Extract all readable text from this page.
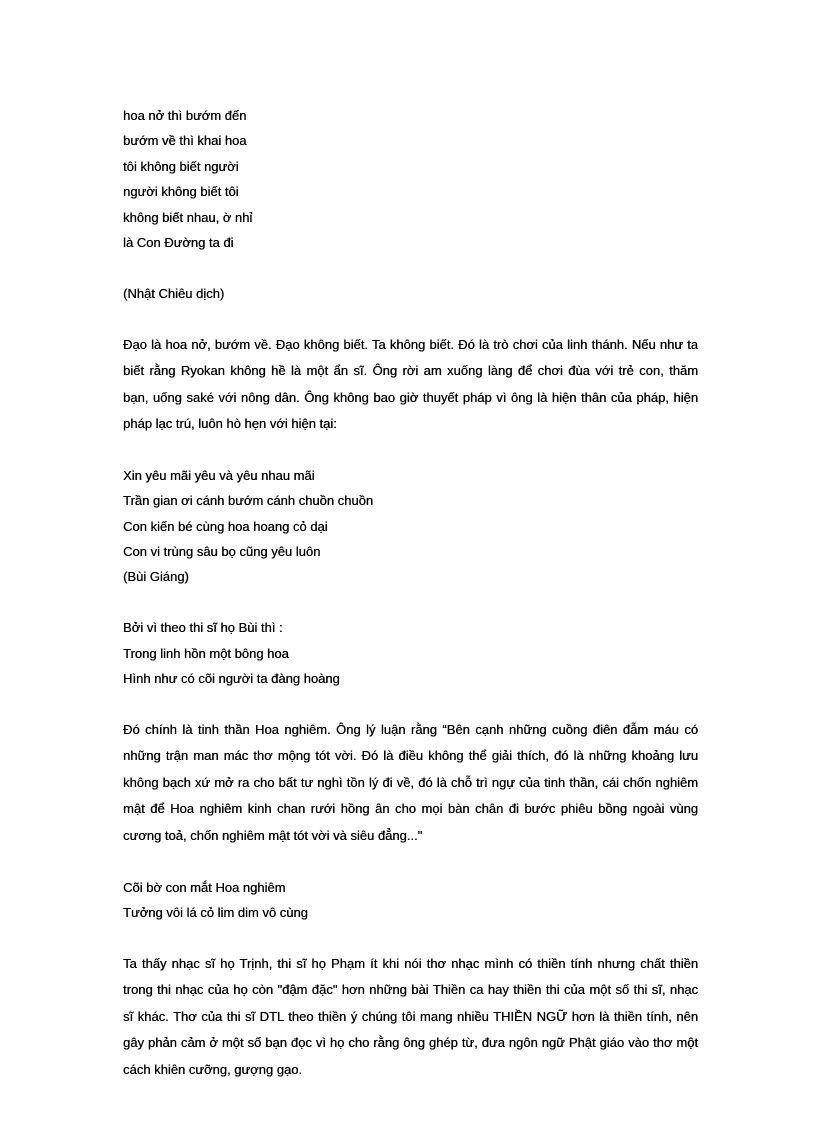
hoa nở thì bướm đến
bướm về thì khai hoa
tôi không biết người
người không biết tôi
không biết nhau, ờ nhỉ
là Con Đường ta đi
(Nhật Chiêu dịch)
Đạo là hoa nở, bướm về. Đạo không biết. Ta không biết. Đó là trò chơi của linh thánh. Nếu như ta
biết rằng Ryokan không hề là một ẩn sĩ. Ông rời am xuống làng để chơi đùa với trẻ con, thăm
bạn, uống saké với nông dân. Ông không bao giờ thuyết pháp vì ông là hiện thân của pháp, hiện
pháp lạc trú, luôn hò hẹn với hiện tại:
Xin yêu mãi yêu và yêu nhau mãi
Trần gian ơi cánh bướm cánh chuồn chuồn
Con kiến bé cùng hoa hoang cỏ dại
Con vi trùng sâu bọ cũng yêu luôn
(Bùi Giáng)
Bởi vì theo thi sĩ họ Bùi thì :
Trong linh hồn một bông hoa
Hình như có cõi người ta đàng hoàng
Đó chính là tinh thần Hoa nghiêm. Ông lý luận rằng “Bên cạnh những cuồng điên đẫm máu có
những trận man mác thơ mộng tót vời. Đó là điều không thể giải thích, đó là những khoảng lưu
không bạch xứ mở ra cho bất tư nghì tồn lý đi về, đó là chỗ trì ngự của tinh thần, cái chốn nghiêm
mật để Hoa nghiêm kinh chan rưới hồng ân cho mọi bàn chân đi bước phiêu bồng ngoài vùng
cương toả, chốn nghiêm mật tót vời và siêu đẳng..."
Cõi bờ con mắt Hoa nghiêm
Tưởng vôi lá cỏ lim dim vô cùng
Ta thấy nhạc sĩ họ Trịnh, thi sĩ họ Phạm ít khi nói thơ nhạc mình có thiền tính nhưng chất thiền
trong thi nhạc của họ còn "đậm đặc" hơn những bài Thiền ca hay thiền thi của một số thi sĩ, nhạc
sĩ khác. Thơ của thi sĩ DTL theo thiền ý chúng tôi mang nhiều THIỀN NGỮ hơn là thiền tính, nên
gây phản cảm ở một số bạn đọc vì họ cho rằng ông ghép từ, đưa ngôn ngữ Phật giáo vào thơ một
cách khiên cưỡng, gượng gạo.
